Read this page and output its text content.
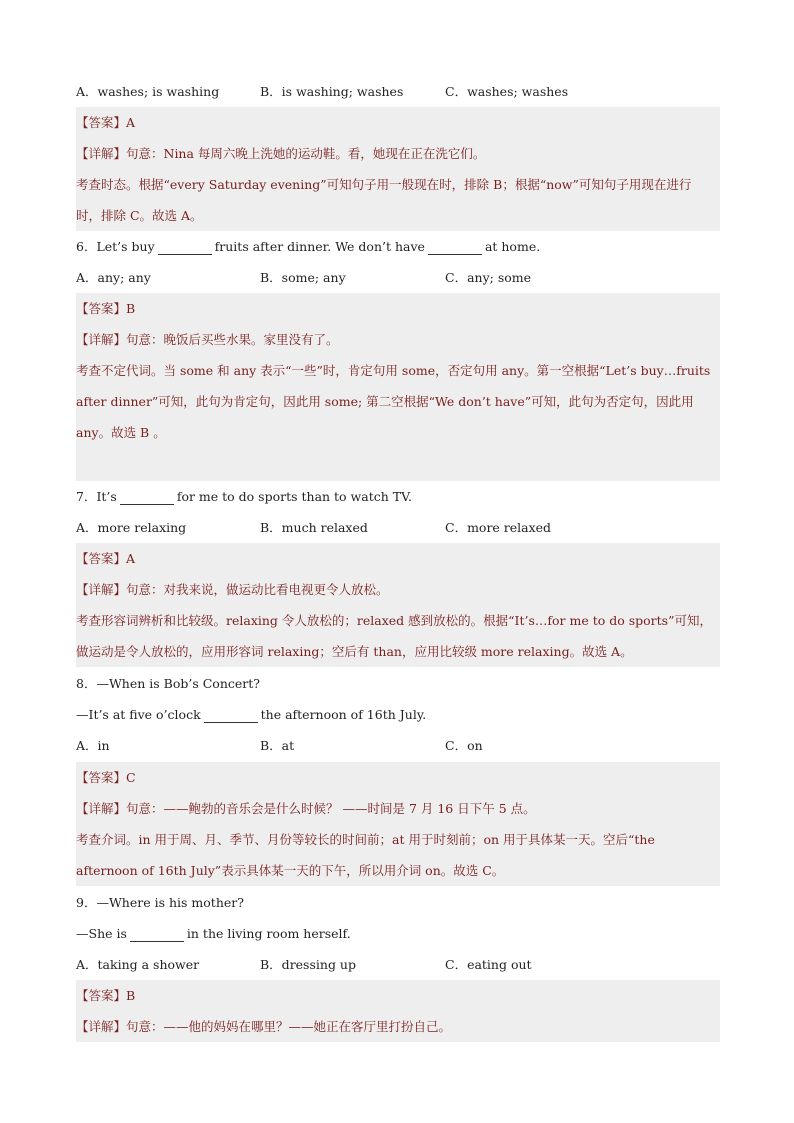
A．washes; is washing	B．is washing; washes	C．washes; washes
【答案】A
【详解】句意：Nina 每周六晚上洗她的运动鞋。看，她现在正在洗它们。
考查时态。根据“every Saturday evening”可知句子用一般现在时，排除 B；根据“now”可知句子用现在进行
时，排除 C。故选 A。
6．Let’s buy	fruits after dinner. We don’t have	at home.
A．any; any	B．some; any	C．any; some
【答案】B
【详解】句意：晚饭后买些水果。家里没有了。
考查不定代词。当 some 和 any 表示“一些”时，肯定句用 some，否定句用 any。第一空根据“Let’s buy…fruits
after dinner”可知，此句为肯定句，因此用 some; 第二空根据“We don’t have”可知，此句为否定句，因此用
any。故选 B 。
7．It’s	for me to do sports than to watch TV.
A．more relaxing	B．much relaxed	C．more relaxed
【答案】A
【详解】句意：对我来说，做运动比看电视更令人放松。
考查形容词辨析和比较级。relaxing 令人放松的；relaxed 感到放松的。根据“It’s…for me to do sports”可知，
做运动是令人放松的，应用形容词 relaxing；空后有 than，应用比较级 more relaxing。故选 A。
8．—When is Bob’s Concert?
—It’s at five o’clock	the afternoon of 16th July.
A．in	B．at	C．on
【答案】C
【详解】句意：——鲍勃的音乐会是什么时候？ ——时间是 7 月 16 日下午 5 点。
考查介词。in 用于周、月、季节、月份等较长的时间前；at 用于时刻前；on 用于具体某一天。空后“the
afternoon of 16th July”表示具体某一天的下午，所以用介词 on。故选 C。
9．—Where is his mother?
—She is	in the living room herself.
A．taking a shower	B．dressing up	C．eating out
【答案】B
【详解】句意：——他的妈妈在哪里？——她正在客厅里打扮自己。
